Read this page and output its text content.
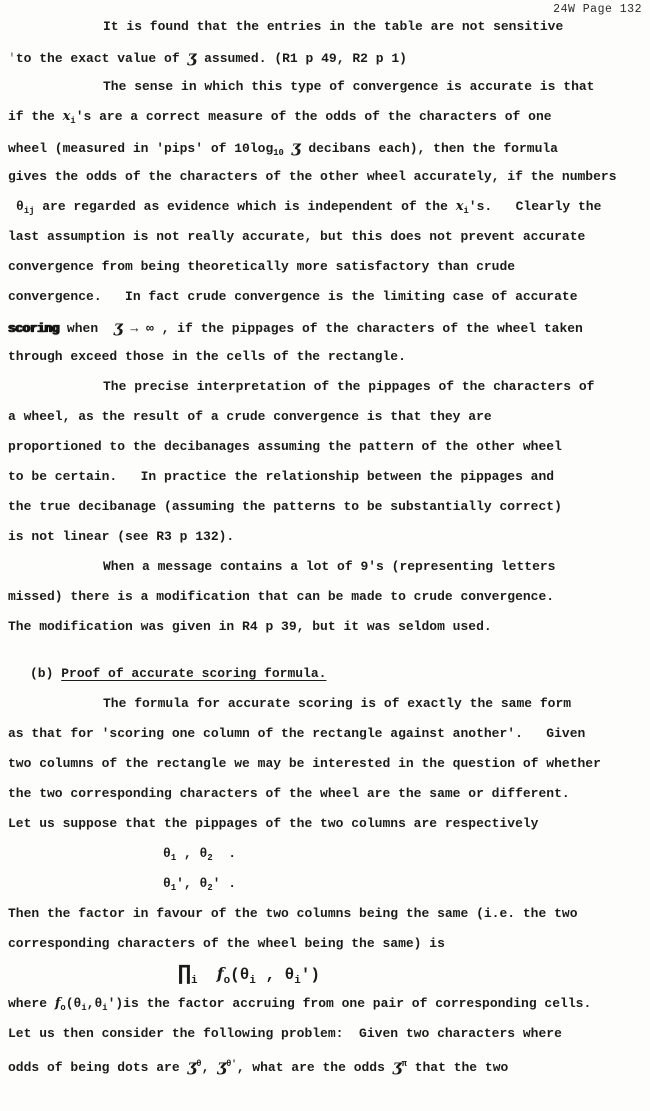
24W Page 132
It is found that the entries in the table are not sensitive
'to the exact value of ʒ assumed. (R1 p 49, R2 p 1)
The sense in which this type of convergence is accurate is that
if the $x_i's$ are a correct measure of the odds of the characters of one
wheel (measured in 'pips' of $10\log_{10}$ ʒ decibans each), then the formula
gives the odds of the characters of the other wheel accurately, if the numbers
$\theta_{ij}$ are regarded as evidence which is independent of the $x_i's$.   Clearly the
last assumption is not really accurate, but this does not prevent accurate
convergence from being theoretically more satisfactory than crude
convergence.   In fact crude convergence is the limiting case of accurate
scoring when  ʒ → ∞ , if the pippages of the characters of the wheel taken
through exceed those in the cells of the rectangle.
The precise interpretation of the pippages of the characters of
a wheel, as the result of a crude convergence is that they are
proportioned to the decibanages assuming the pattern of the other wheel
to be certain.   In practice the relationship between the pippages and
the true decibanage (assuming the patterns to be substantially correct)
is not linear (see R3 p 132).
When a message contains a lot of 9's (representing letters
missed) there is a modification that can be made to crude convergence.
The modification was given in R4 p 39, but it was seldom used.
(b) Proof of accurate scoring formula.
The formula for accurate scoring is of exactly the same form
as that for 'scoring one column of the rectangle against another'.   Given
two columns of the rectangle we may be interested in the question of whether
the two corresponding characters of the wheel are the same or different.
Let us suppose that the pippages of the two columns are respectively
$\theta_1$ , $\theta_2$  .
$\theta_1'$, $\theta_2'$ .
Then the factor in favour of the two columns being the same (i.e. the two
corresponding characters of the wheel being the same) is
$\prod_i$ $f_o(\theta_i$ , $\theta_i'$)
where $f_o(\theta_i,\theta_i')is$ the factor accruing from one pair of corresponding cells.
Let us then consider the following problem:  Given two characters where
odds of being dots are ʒ$^\theta$, ʒ$^{\theta'}$, what are the odds ʒ$^\pi$ that the two
